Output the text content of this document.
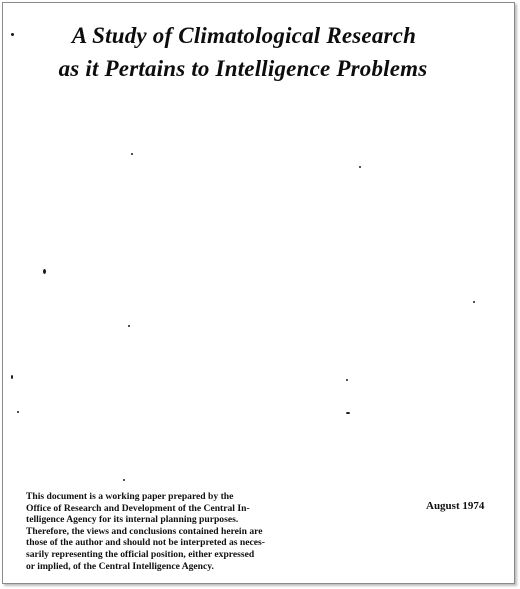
A Study of Climatological Research
as it Pertains to Intelligence Problems
This document is a working paper prepared by the
Office of Research and Development of the Central In-
telligence Agency for its internal planning purposes.
Therefore, the views and conclusions contained herein are
those of the author and should not be interpreted as neces-
sarily representing the official position, either expressed
or implied, of the Central Intelligence Agency.
August 1974
